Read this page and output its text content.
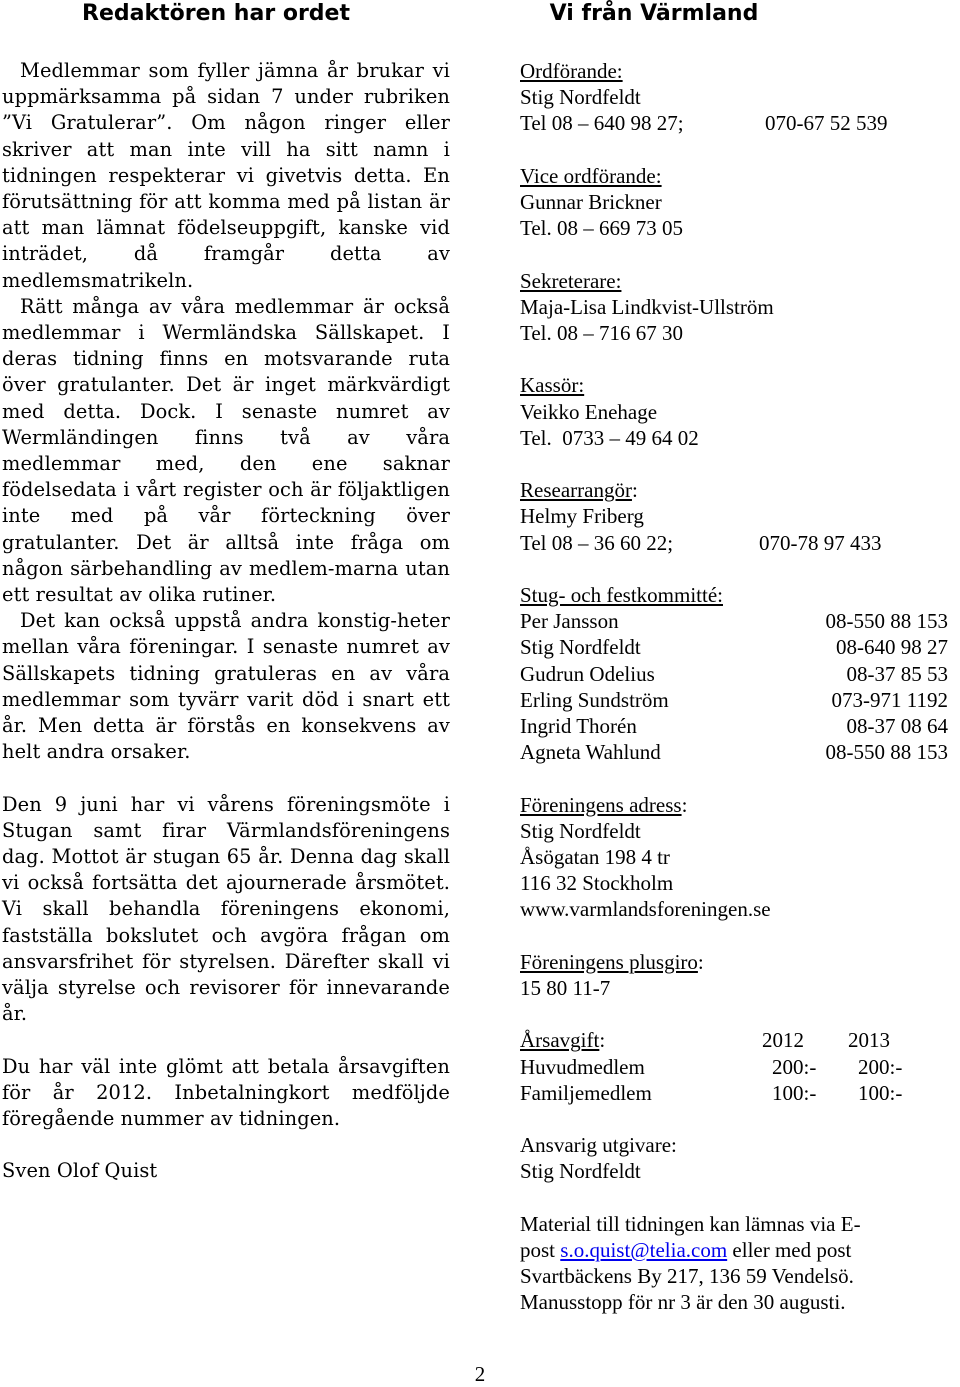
Redaktören har ordet

Medlemmar som fyller jämna år brukar vi uppmärksamma på sidan 7 under rubriken ”Vi Gratulerar”. Om någon ringer eller skriver att man inte vill ha sitt namn i tidningen respekterar vi givetvis detta. En förutsättning för att komma med på listan är att man lämnat födelseuppgift, kanske vid inträdet, då framgår detta av medlemsmatrikeln.

Rätt många av våra medlemmar är också medlemmar i Wermländska Sällskapet. I deras tidning finns en motsvarande ruta över gratulanter. Det är inget märkvärdigt med detta. Dock. I senaste numret av Wermländingen finns två av våra medlemmar med, den ene saknar födelsedata i vårt register och är följaktligen inte med på vår förteckning över gratulanter. Det är alltså inte fråga om någon särbehandling av medlem-marna utan ett resultat av olika rutiner.

Det kan också uppstå andra konstig-heter mellan våra föreningar. I senaste numret av Sällskapets tidning gratuleras en av våra medlemmar som tyvärr varit död i snart ett år. Men detta är förstås en konsekvens av helt andra orsaker.

Den 9 juni har vi vårens föreningsmöte i Stugan samt firar Värmlandsföreningens dag. Mottot är stugan 65 år. Denna dag skall vi också fortsätta det ajournerade årsmötet. Vi skall behandla föreningens ekonomi, fastställa bokslutet och avgöra frågan om ansvarsfrihet för styrelsen. Därefter skall vi välja styrelse och revisorer för innevarande år.

Du har väl inte glömt att betala årsavgiften för år 2012. Inbetalningkort medföljde föregående nummer av tidningen.

Sven Olof Quist

Vi från Värmland
Ordförande:
Stig Nordfeldt
Tel 08 – 640 98 27;	070-67 52 539
Vice ordförande:
Gunnar Brickner
Tel. 08 – 669 73 05
Sekreterare:
Maja-Lisa Lindkvist-Ullström
Tel. 08 – 716 67 30
Kassör:
Veikko Enehage
Tel.  0733 – 49 64 02
Researrangör:
Helmy Friberg
Tel 08 – 36 60 22;	070-78 97 433
Stug- och festkommitté:
Per Jansson	08-550 88 153
Stig Nordfeldt	08-640 98 27
Gudrun Odelius	08-37 85 53
Erling Sundström	073-971 1192
Ingrid Thorén	08-37 08 64
Agneta Wahlund	08-550 88 153
Föreningens adress:
Stig Nordfeldt
Åsögatan 198 4 tr
116 32 Stockholm
www.varmlandsforeningen.se
Föreningens plusgiro:
15 80 11-7
Årsavgift:	2012 2013
Huvudmedlem	200:- 200:-
Familjemedlem	100:- 100:-
Ansvarig utgivare:
Stig Nordfeldt
Material till tidningen kan lämnas via E-
post s.o.quist@telia.com eller med post
Svartbäckens By 217, 136 59 Vendelsö.
Manusstopp för nr 3 är den 30 augusti.
2
